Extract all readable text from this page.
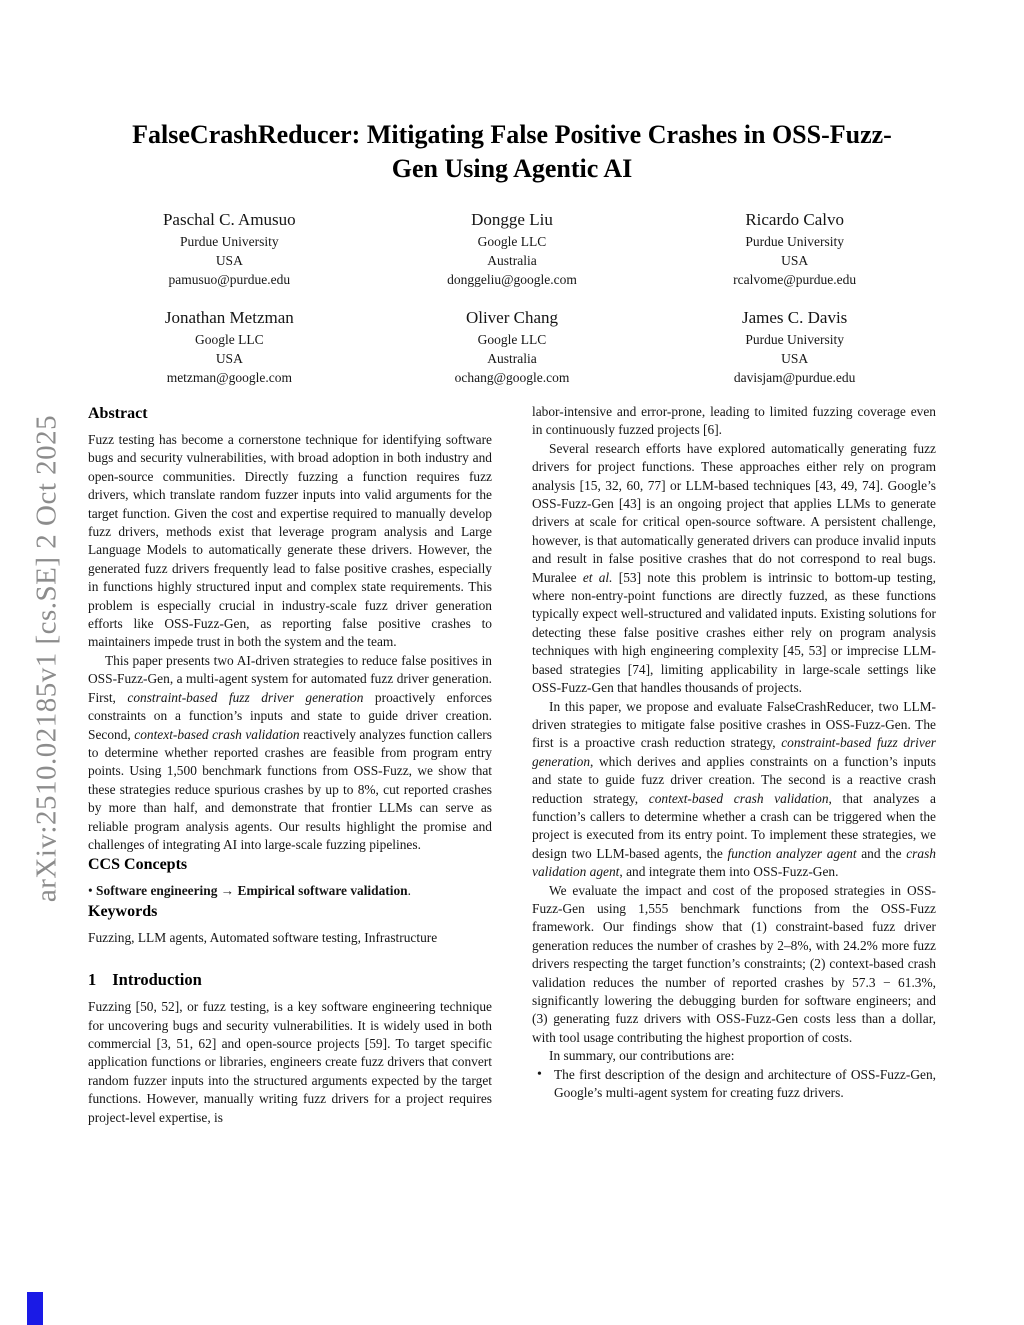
arXiv:2510.02185v1 [cs.SE] 2 Oct 2025
FalseCrashReducer: Mitigating False Positive Crashes in OSS-Fuzz-Gen Using Agentic AI
Paschal C. Amusuo
Purdue University
USA
pamusuo@purdue.edu
Dongge Liu
Google LLC
Australia
donggeliu@google.com
Ricardo Calvo
Purdue University
USA
rcalvome@purdue.edu
Jonathan Metzman
Google LLC
USA
metzman@google.com
Oliver Chang
Google LLC
Australia
ochang@google.com
James C. Davis
Purdue University
USA
davisjam@purdue.edu
Abstract

Fuzz testing has become a cornerstone technique for identifying software bugs and security vulnerabilities, with broad adoption in both industry and open-source communities. Directly fuzzing a function requires fuzz drivers, which translate random fuzzer inputs into valid arguments for the target function. Given the cost and expertise required to manually develop fuzz drivers, methods exist that leverage program analysis and Large Language Models to automatically generate these drivers. However, the generated fuzz drivers frequently lead to false positive crashes, especially in functions highly structured input and complex state requirements. This problem is especially crucial in industry-scale fuzz driver generation efforts like OSS-Fuzz-Gen, as reporting false positive crashes to maintainers impede trust in both the system and the team.

This paper presents two AI-driven strategies to reduce false positives in OSS-Fuzz-Gen, a multi-agent system for automated fuzz driver generation. First, constraint-based fuzz driver generation proactively enforces constraints on a function’s inputs and state to guide driver creation. Second, context-based crash validation reactively analyzes function callers to determine whether reported crashes are feasible from program entry points. Using 1,500 benchmark functions from OSS-Fuzz, we show that these strategies reduce spurious crashes by up to 8%, cut reported crashes by more than half, and demonstrate that frontier LLMs can serve as reliable program analysis agents. Our results highlight the promise and challenges of integrating AI into large-scale fuzzing pipelines.

CCS Concepts

• Software engineering → Empirical software validation.

Keywords

Fuzzing, LLM agents, Automated software testing, Infrastructure

1 Introduction

Fuzzing [50, 52], or fuzz testing, is a key software engineering technique for uncovering bugs and security vulnerabilities. It is widely used in both commercial [3, 51, 62] and open-source projects [59]. To target specific application functions or libraries, engineers create fuzz drivers that convert random fuzzer inputs into the structured arguments expected by the target functions. However, manually writing fuzz drivers for a project requires project-level expertise, is

labor-intensive and error-prone, leading to limited fuzzing coverage even in continuously fuzzed projects [6].

Several research efforts have explored automatically generating fuzz drivers for project functions. These approaches either rely on program analysis [15, 32, 60, 77] or LLM-based techniques [43, 49, 74]. Google’s OSS-Fuzz-Gen [43] is an ongoing project that applies LLMs to generate drivers at scale for critical open-source software. A persistent challenge, however, is that automatically generated drivers can produce invalid inputs and result in false positive crashes that do not correspond to real bugs. Muralee et al. [53] note this problem is intrinsic to bottom-up testing, where non-entry-point functions are directly fuzzed, as these functions typically expect well-structured and validated inputs. Existing solutions for detecting these false positive crashes either rely on program analysis techniques with high engineering complexity [45, 53] or imprecise LLM-based strategies [74], limiting applicability in large-scale settings like OSS-Fuzz-Gen that handles thousands of projects.

In this paper, we propose and evaluate FalseCrashReducer, two LLM-driven strategies to mitigate false positive crashes in OSS-Fuzz-Gen. The first is a proactive crash reduction strategy, constraint-based fuzz driver generation, which derives and applies constraints on a function’s inputs and state to guide fuzz driver creation. The second is a reactive crash reduction strategy, context-based crash validation, that analyzes a function’s callers to determine whether a crash can be triggered when the project is executed from its entry point. To implement these strategies, we design two LLM-based agents, the function analyzer agent and the crash validation agent, and integrate them into OSS-Fuzz-Gen.

We evaluate the impact and cost of the proposed strategies in OSS-Fuzz-Gen using 1,555 benchmark functions from the OSS-Fuzz framework. Our findings show that (1) constraint-based fuzz driver generation reduces the number of crashes by 2–8%, with 24.2% more fuzz drivers respecting the target function’s constraints; (2) context-based crash validation reduces the number of reported crashes by 57.3 − 61.3%, significantly lowering the debugging burden for software engineers; and (3) generating fuzz drivers with OSS-Fuzz-Gen costs less than a dollar, with tool usage contributing the highest proportion of costs.

In summary, our contributions are:

• The first description of the design and architecture of OSS-Fuzz-Gen, Google’s multi-agent system for creating fuzz drivers.
